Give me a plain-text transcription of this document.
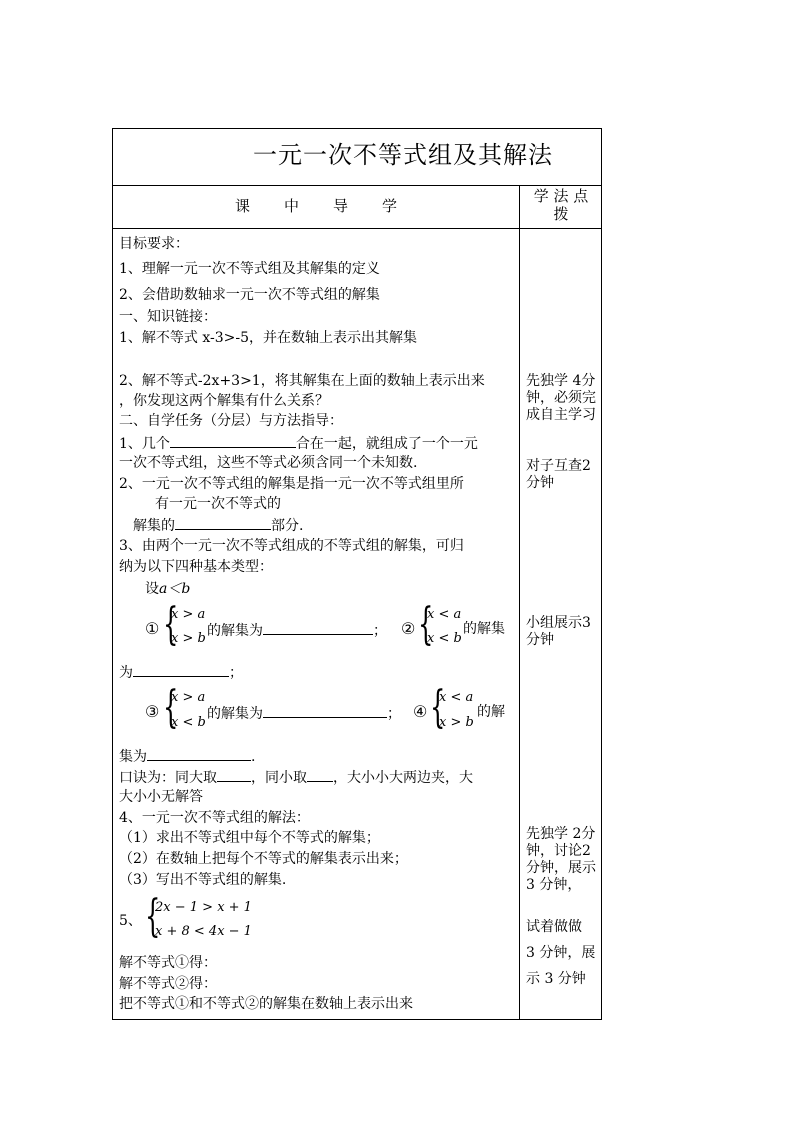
一元一次不等式组及其解法
课 中 导 学
学 法 点
拨
目标要求：
1、理解一元一次不等式组及其解集的定义
2、会借助数轴求一元一次不等式组的解集
一、知识链接：
1、解不等式 x-3>-5，并在数轴上表示出其解集
2、解不等式-2x+3>1，将其解集在上面的数轴上表示出来
，你发现这两个解集有什么关系？
二、自学任务（分层）与方法指导：
1、几个	合在一起，就组成了一个一元
一次不等式组，这些不等式必须含同一个未知数.
2、一元一次不等式组的解集是指一元一次不等式组里所
有一元一次不等式的
解集的	部分.
3、由两个一元一次不等式组成的不等式组的解集，可归
纳为以下四种基本类型：
设a＜b
① {
x > a
x > b 的解集为	； ② {
x < a
x < b
的解集
为	；
③ {
x > a
x < b
的解集为	； ④ {
x < a
x > b
的解
集为	.
口诀为：同大取 ，同小取 ，大小小大两边夹，大
大小小无解答
4、一元一次不等式组的解法：
（1）求出不等式组中每个不等式的解集；
（2）在数轴上把每个不等式的解集表示出来；
（3）写出不等式组的解集.
5、 {
2x − 1 > x + 1
x + 8 < 4x − 1
解不等式①得：
解不等式②得：
把不等式①和不等式②的解集在数轴上表示出来
先独学 4分钟，必须完成自主学习
对子互查2 分钟
小组展示3 分钟
先独学 2分钟，讨论2分钟，展示 3 分钟，
试着做做
3 分钟，展
示 3 分钟
